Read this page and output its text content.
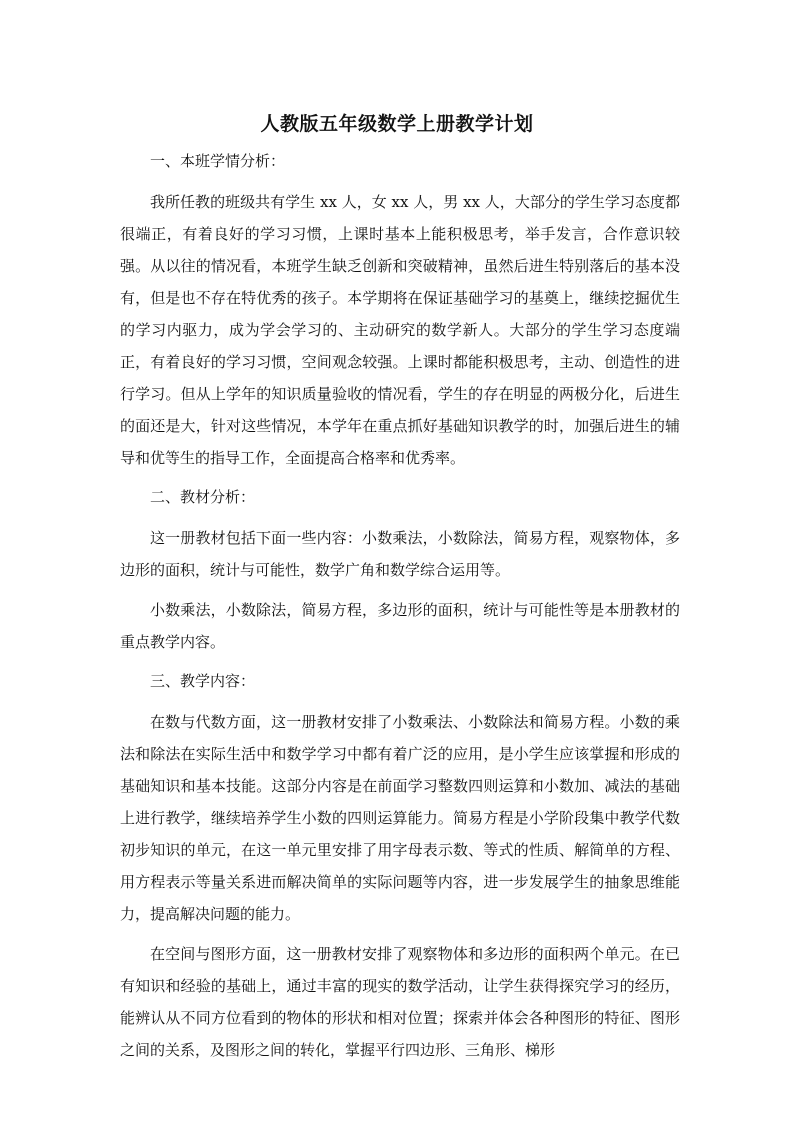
人教版五年级数学上册教学计划
一、本班学情分析：

我所任教的班级共有学生 xx 人，女 xx 人，男 xx 人，大部分的学生学习态度都很端正，有着良好的学习习惯，上课时基本上能积极思考，举手发言，合作意识较强。从以往的情况看，本班学生缺乏创新和突破精神，虽然后进生特别落后的基本没有，但是也不存在特优秀的孩子。本学期将在保证基础学习的基奠上，继续挖掘优生的学习内驱力，成为学会学习的、主动研究的数学新人。大部分的学生学习态度端正，有着良好的学习习惯，空间观念较强。上课时都能积极思考，主动、创造性的进行学习。但从上学年的知识质量验收的情况看，学生的存在明显的两极分化，后进生的面还是大，针对这些情况，本学年在重点抓好基础知识教学的时，加强后进生的辅导和优等生的指导工作，全面提高合格率和优秀率。

二、教材分析：

这一册教材包括下面一些内容：小数乘法，小数除法，简易方程，观察物体，多边形的面积，统计与可能性，数学广角和数学综合运用等。

小数乘法，小数除法，简易方程，多边形的面积，统计与可能性等是本册教材的重点教学内容。

三、教学内容：

在数与代数方面，这一册教材安排了小数乘法、小数除法和简易方程。小数的乘法和除法在实际生活中和数学学习中都有着广泛的应用，是小学生应该掌握和形成的基础知识和基本技能。这部分内容是在前面学习整数四则运算和小数加、减法的基础上进行教学，继续培养学生小数的四则运算能力。简易方程是小学阶段集中教学代数初步知识的单元，在这一单元里安排了用字母表示数、等式的性质、解简单的方程、用方程表示等量关系进而解决简单的实际问题等内容，进一步发展学生的抽象思维能力，提高解决问题的能力。

在空间与图形方面，这一册教材安排了观察物体和多边形的面积两个单元。在已有知识和经验的基础上，通过丰富的现实的数学活动，让学生获得探究学习的经历，能辨认从不同方位看到的物体的形状和相对位置；探索并体会各种图形的特征、图形之间的关系，及图形之间的转化，掌握平行四边形、三角形、梯形
